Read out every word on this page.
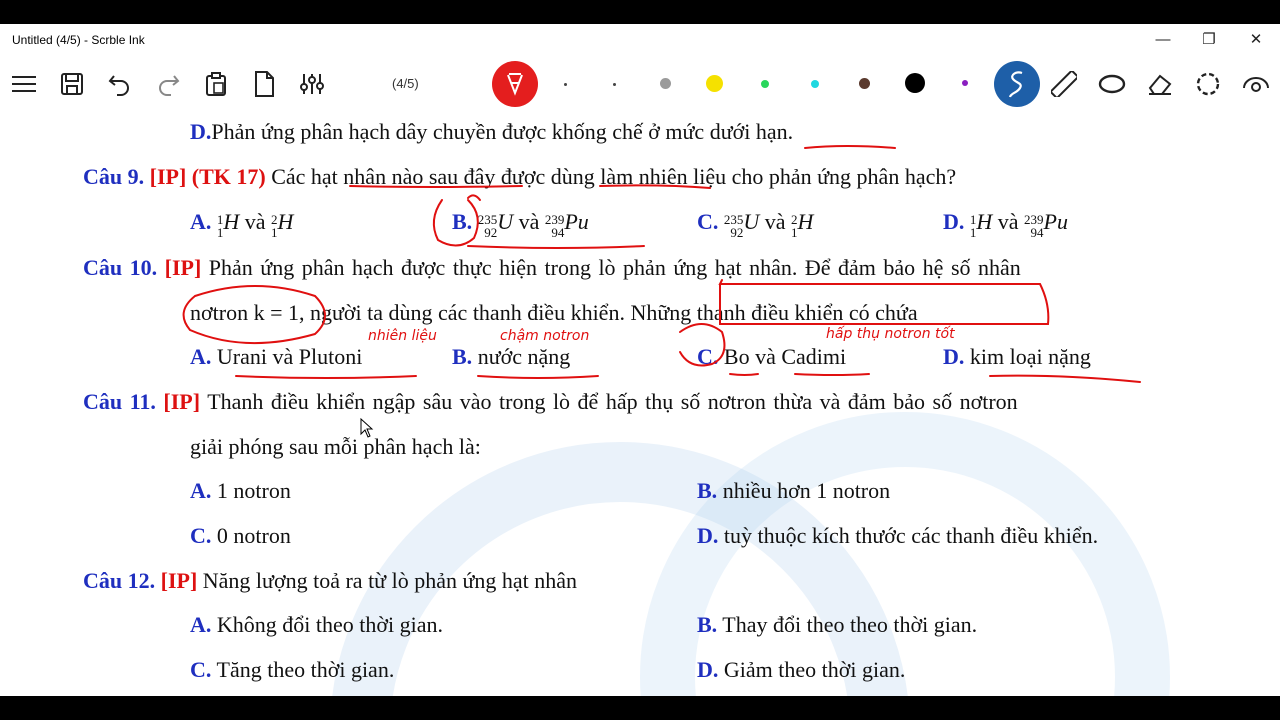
Untitled (4/5) - Scrble Ink	—	❐	✕
(4/5)
D.Phản ứng phân hạch dây chuyền được khống chế ở mức dưới hạn.
Câu 9. [IP] (TK 17) Các hạt nhân nào sau đây được dùng làm nhiên liệu cho phản ứng phân hạch?
A. 1
1H và 2
1H	B. 235
92U và 239
94Pu	C. 235
92U và 2
1H	D. 1
1H và 239
94Pu
Câu 10. [IP] Phản ứng phân hạch được thực hiện trong lò phản ứng hạt nhân. Để đảm bảo hệ số nhân
nơtron k = 1, người ta dùng các thanh điều khiển. Những thanh điều khiển có chứa
A. Urani và Plutoni	B. nước nặng	C. Bo và Cadimi	D. kim loại nặng
Câu 11. [IP] Thanh điều khiển ngập sâu vào trong lò để hấp thụ số nơtron thừa và đảm bảo số nơtron
giải phóng sau mỗi phân hạch là:
A. 1 notron	B. nhiều hơn 1 notron
C. 0 notron	D. tuỳ thuộc kích thước các thanh điều khiển.
Câu 12. [IP] Năng lượng toả ra từ lò phản ứng hạt nhân
A. Không đổi theo thời gian.	B. Thay đổi theo theo thời gian.
C. Tăng theo thời gian.	D. Giảm theo thời gian.
nhiên liệu	chậm notron	hấp thụ notron tốt
